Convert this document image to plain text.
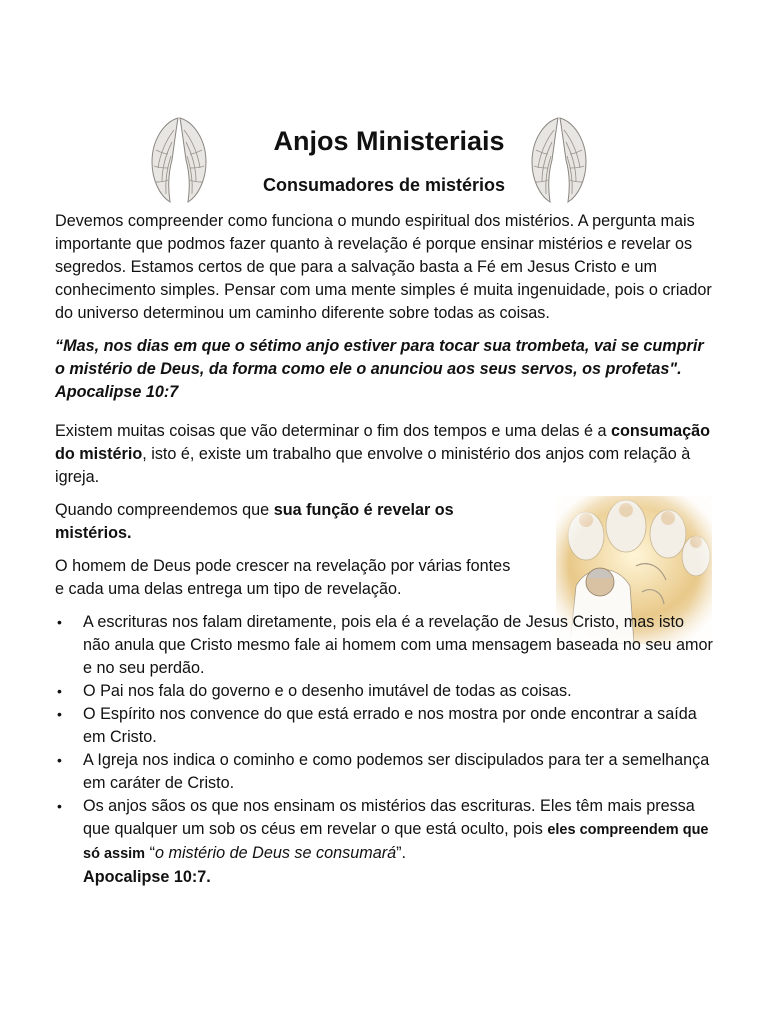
Anjos Ministeriais
Consumadores de mistérios

Devemos compreender como funciona o mundo espiritual dos mistérios. A pergunta mais importante que podmos fazer quanto à revelação é porque ensinar mistérios e revelar os segredos. Estamos certos de que para a salvação basta a Fé em Jesus Cristo e um conhecimento simples. Pensar com uma mente simples é muita ingenuidade, pois o criador do universo determinou um caminho diferente sobre todas as coisas.

“Mas, nos dias em que o sétimo anjo estiver para tocar sua trombeta, vai se cumprir o mistério de Deus, da forma como ele o anunciou aos seus servos, os profetas". Apocalipse 10:7

Existem muitas coisas que vão determinar o fim dos tempos e uma delas é a consumação do mistério, isto é, existe um trabalho que envolve o ministério dos anjos com relação à igreja.

Quando compreendemos que sua função é revelar os mistérios.

O homem de Deus pode crescer na revelação por várias fontes e cada uma delas entrega um tipo de revelação.

• A escrituras nos falam diretamente, pois ela é a revelação de Jesus Cristo, mas isto não anula que Cristo mesmo fale ai homem com uma mensagem baseada no seu amor e no seu perdão.
• O Pai nos fala do governo e o desenho imutável de todas as coisas.
• O Espírito nos convence do que está errado e nos mostra por onde encontrar a saída em Cristo.
• A Igreja nos indica o cominho e como podemos ser discipulados para ter a semelhança em caráter de Cristo.
• Os anjos sãos os que nos ensinam os mistérios das escrituras. Eles têm mais pressa que qualquer um sob os céus em revelar o que está oculto, pois eles compreendem que só assim “o mistério de Deus se consumará”.
Apocalipse 10:7.
